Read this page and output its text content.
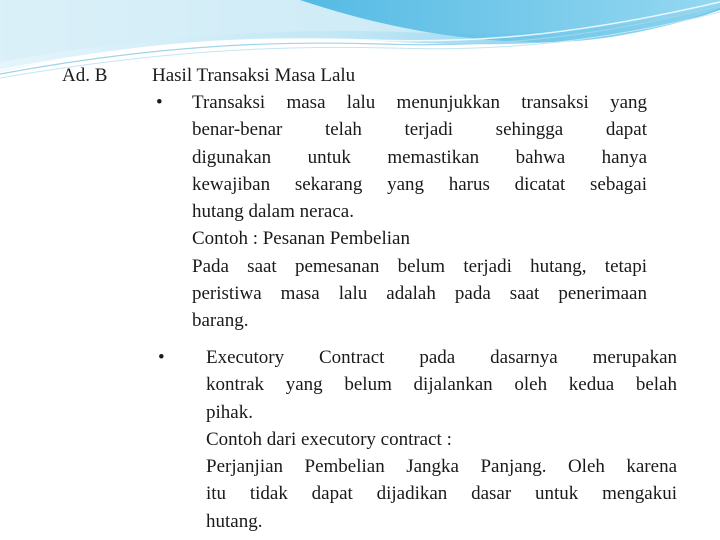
Ad. B Hasil Transaksi Masa Lalu
• Transaksi masa lalu menunjukkan transaksi yang

benar-benar telah terjadi sehingga dapat

digunakan untuk memastikan bahwa hanya

kewajiban sekarang yang harus dicatat sebagai

hutang dalam neraca.

Contoh : Pesanan Pembelian

Pada saat pemesanan belum terjadi hutang, tetapi

peristiwa masa lalu adalah pada saat penerimaan

barang.

• Executory Contract pada dasarnya merupakan

kontrak yang belum dijalankan oleh kedua belah

pihak.

Contoh dari executory contract :

Perjanjian Pembelian Jangka Panjang. Oleh karena

itu tidak dapat dijadikan dasar untuk mengakui

hutang.
